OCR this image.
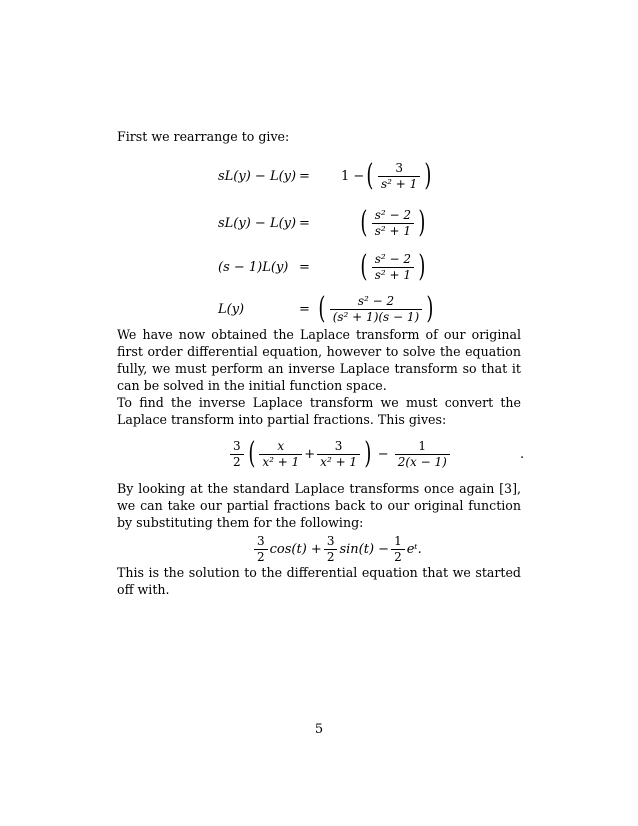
First we rearrange to give:
sL(y) − L(y) = 1 − ( $\frac{3}{\text{s² + 1}}$ )
sL(y) − L(y) = ( $\frac{\text{s² − 2}}{\text{s² + 1}}$ )
(s − 1)L(y) = ( $\frac{\text{s² − 2}}{\text{s² + 1}}$ )
L(y)	= ( $\frac{\text{s² − 2}}{\text{(s² + 1)(s − 1)}}$ )
We have now obtained the Laplace transform of our original first order differential equation, however to solve the equation fully, we must perform an inverse Laplace transform so that it can be solved in the initial function space.
To find the inverse Laplace transform we must convert the Laplace transform into partial fractions. This gives:
$\frac{3}{2}$ ( $\frac{x}{\text{x² + 1}} + \frac{3}{\text{x² + 1}}$ ) − $\frac{1}{2(x - 1)}$	.
By looking at the standard Laplace transforms once again [3], we can take our partial fractions back to our original function by substituting them for the following:
$\frac{3}{2} \cos(t) + \frac{3}{2} \sin(t) - \frac{1}{2}$ eᵗ.
This is the solution to the differential equation that we started off with.
5
